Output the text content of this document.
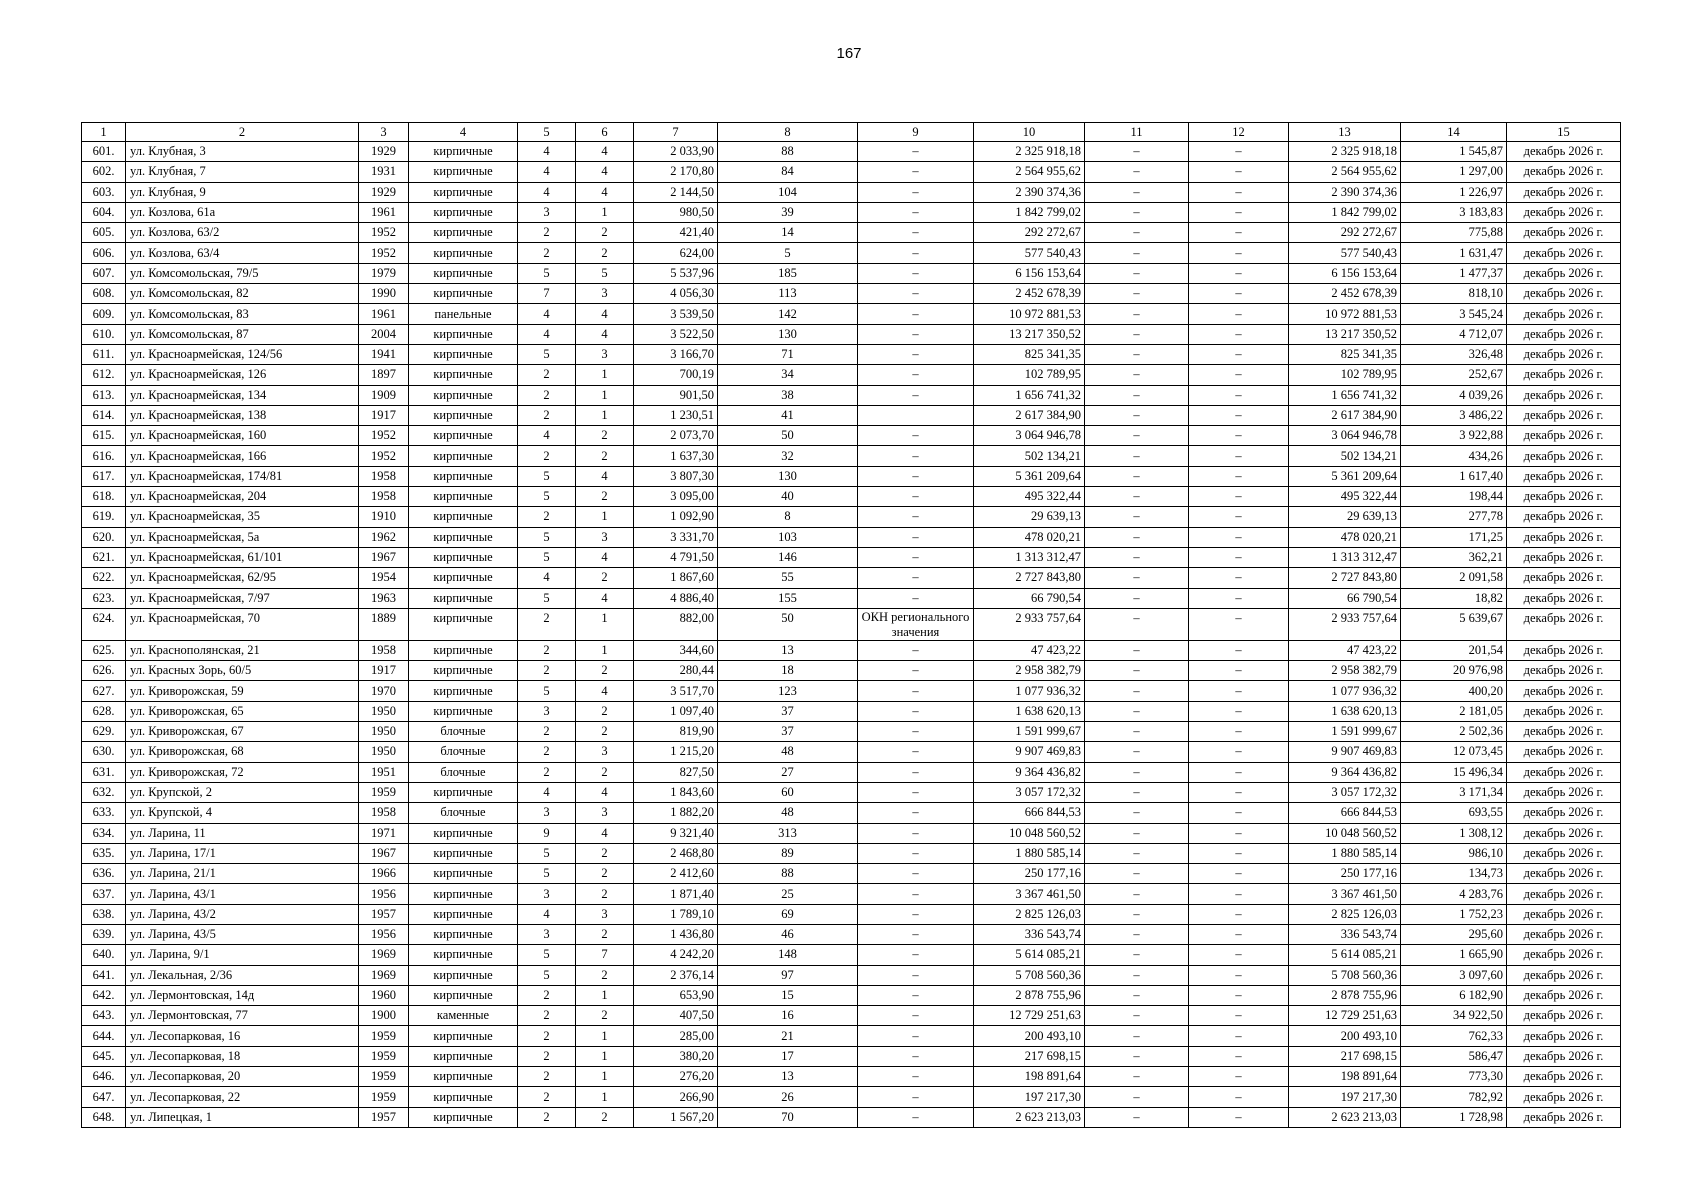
167
1	2	3	4	5	6	7	8	9	10	11	12	13	14	15
601.	ул. Клубная, 3	1929	кирпичные	4	4	2 033,90	88	–	2 325 918,18	–	–	2 325 918,18	1 545,87	декабрь 2026 г.
602.	ул. Клубная, 7	1931	кирпичные	4	4	2 170,80	84	–	2 564 955,62	–	–	2 564 955,62	1 297,00	декабрь 2026 г.
603.	ул. Клубная, 9	1929	кирпичные	4	4	2 144,50	104	–	2 390 374,36	–	–	2 390 374,36	1 226,97	декабрь 2026 г.
604.	ул. Козлова, 61а	1961	кирпичные	3	1	980,50	39	–	1 842 799,02	–	–	1 842 799,02	3 183,83	декабрь 2026 г.
605.	ул. Козлова, 63/2	1952	кирпичные	2	2	421,40	14	–	292 272,67	–	–	292 272,67	775,88	декабрь 2026 г.
606.	ул. Козлова, 63/4	1952	кирпичные	2	2	624,00	5	–	577 540,43	–	–	577 540,43	1 631,47	декабрь 2026 г.
607.	ул. Комсомольская, 79/5	1979	кирпичные	5	5	5 537,96	185	–	6 156 153,64	–	–	6 156 153,64	1 477,37	декабрь 2026 г.
608.	ул. Комсомольская, 82	1990	кирпичные	7	3	4 056,30	113	–	2 452 678,39	–	–	2 452 678,39	818,10	декабрь 2026 г.
609.	ул. Комсомольская, 83	1961	панельные	4	4	3 539,50	142	–	10 972 881,53	–	–	10 972 881,53	3 545,24	декабрь 2026 г.
610.	ул. Комсомольская, 87	2004	кирпичные	4	4	3 522,50	130	–	13 217 350,52	–	–	13 217 350,52	4 712,07	декабрь 2026 г.
611.	ул. Красноармейская, 124/56	1941	кирпичные	5	3	3 166,70	71	–	825 341,35	–	–	825 341,35	326,48	декабрь 2026 г.
612.	ул. Красноармейская, 126	1897	кирпичные	2	1	700,19	34	–	102 789,95	–	–	102 789,95	252,67	декабрь 2026 г.
613.	ул. Красноармейская, 134	1909	кирпичные	2	1	901,50	38	–	1 656 741,32	–	–	1 656 741,32	4 039,26	декабрь 2026 г.
614.	ул. Красноармейская, 138	1917	кирпичные	2	1	1 230,51	41		2 617 384,90	–	–	2 617 384,90	3 486,22	декабрь 2026 г.
615.	ул. Красноармейская, 160	1952	кирпичные	4	2	2 073,70	50	–	3 064 946,78	–	–	3 064 946,78	3 922,88	декабрь 2026 г.
616.	ул. Красноармейская, 166	1952	кирпичные	2	2	1 637,30	32	–	502 134,21	–	–	502 134,21	434,26	декабрь 2026 г.
617.	ул. Красноармейская, 174/81	1958	кирпичные	5	4	3 807,30	130	–	5 361 209,64	–	–	5 361 209,64	1 617,40	декабрь 2026 г.
618.	ул. Красноармейская, 204	1958	кирпичные	5	2	3 095,00	40	–	495 322,44	–	–	495 322,44	198,44	декабрь 2026 г.
619.	ул. Красноармейская, 35	1910	кирпичные	2	1	1 092,90	8	–	29 639,13	–	–	29 639,13	277,78	декабрь 2026 г.
620.	ул. Красноармейская, 5а	1962	кирпичные	5	3	3 331,70	103	–	478 020,21	–	–	478 020,21	171,25	декабрь 2026 г.
621.	ул. Красноармейская, 61/101	1967	кирпичные	5	4	4 791,50	146	–	1 313 312,47	–	–	1 313 312,47	362,21	декабрь 2026 г.
622.	ул. Красноармейская, 62/95	1954	кирпичные	4	2	1 867,60	55	–	2 727 843,80	–	–	2 727 843,80	2 091,58	декабрь 2026 г.
623.	ул. Красноармейская, 7/97	1963	кирпичные	5	4	4 886,40	155	–	66 790,54	–	–	66 790,54	18,82	декабрь 2026 г.
624.	ул. Красноармейская, 70	1889	кирпичные	2	1	882,00	50	ОКН регионального значения	2 933 757,64	–	–	2 933 757,64	5 639,67	декабрь 2026 г.
625.	ул. Краснополянская, 21	1958	кирпичные	2	1	344,60	13	–	47 423,22	–	–	47 423,22	201,54	декабрь 2026 г.
626.	ул. Красных Зорь, 60/5	1917	кирпичные	2	2	280,44	18	–	2 958 382,79	–	–	2 958 382,79	20 976,98	декабрь 2026 г.
627.	ул. Криворожская, 59	1970	кирпичные	5	4	3 517,70	123	–	1 077 936,32	–	–	1 077 936,32	400,20	декабрь 2026 г.
628.	ул. Криворожская, 65	1950	кирпичные	3	2	1 097,40	37	–	1 638 620,13	–	–	1 638 620,13	2 181,05	декабрь 2026 г.
629.	ул. Криворожская, 67	1950	блочные	2	2	819,90	37	–	1 591 999,67	–	–	1 591 999,67	2 502,36	декабрь 2026 г.
630.	ул. Криворожская, 68	1950	блочные	2	3	1 215,20	48	–	9 907 469,83	–	–	9 907 469,83	12 073,45	декабрь 2026 г.
631.	ул. Криворожская, 72	1951	блочные	2	2	827,50	27	–	9 364 436,82	–	–	9 364 436,82	15 496,34	декабрь 2026 г.
632.	ул. Крупской, 2	1959	кирпичные	4	4	1 843,60	60	–	3 057 172,32	–	–	3 057 172,32	3 171,34	декабрь 2026 г.
633.	ул. Крупской, 4	1958	блочные	3	3	1 882,20	48	–	666 844,53	–	–	666 844,53	693,55	декабрь 2026 г.
634.	ул. Ларина, 11	1971	кирпичные	9	4	9 321,40	313	–	10 048 560,52	–	–	10 048 560,52	1 308,12	декабрь 2026 г.
635.	ул. Ларина, 17/1	1967	кирпичные	5	2	2 468,80	89	–	1 880 585,14	–	–	1 880 585,14	986,10	декабрь 2026 г.
636.	ул. Ларина, 21/1	1966	кирпичные	5	2	2 412,60	88	–	250 177,16	–	–	250 177,16	134,73	декабрь 2026 г.
637.	ул. Ларина, 43/1	1956	кирпичные	3	2	1 871,40	25	–	3 367 461,50	–	–	3 367 461,50	4 283,76	декабрь 2026 г.
638.	ул. Ларина, 43/2	1957	кирпичные	4	3	1 789,10	69	–	2 825 126,03	–	–	2 825 126,03	1 752,23	декабрь 2026 г.
639.	ул. Ларина, 43/5	1956	кирпичные	3	2	1 436,80	46	–	336 543,74	–	–	336 543,74	295,60	декабрь 2026 г.
640.	ул. Ларина, 9/1	1969	кирпичные	5	7	4 242,20	148	–	5 614 085,21	–	–	5 614 085,21	1 665,90	декабрь 2026 г.
641.	ул. Лекальная, 2/36	1969	кирпичные	5	2	2 376,14	97	–	5 708 560,36	–	–	5 708 560,36	3 097,60	декабрь 2026 г.
642.	ул. Лермонтовская, 14д	1960	кирпичные	2	1	653,90	15	–	2 878 755,96	–	–	2 878 755,96	6 182,90	декабрь 2026 г.
643.	ул. Лермонтовская, 77	1900	каменные	2	2	407,50	16	–	12 729 251,63	–	–	12 729 251,63	34 922,50	декабрь 2026 г.
644.	ул. Лесопарковая, 16	1959	кирпичные	2	1	285,00	21	–	200 493,10	–	–	200 493,10	762,33	декабрь 2026 г.
645.	ул. Лесопарковая, 18	1959	кирпичные	2	1	380,20	17	–	217 698,15	–	–	217 698,15	586,47	декабрь 2026 г.
646.	ул. Лесопарковая, 20	1959	кирпичные	2	1	276,20	13	–	198 891,64	–	–	198 891,64	773,30	декабрь 2026 г.
647.	ул. Лесопарковая, 22	1959	кирпичные	2	1	266,90	26	–	197 217,30	–	–	197 217,30	782,92	декабрь 2026 г.
648.	ул. Липецкая, 1	1957	кирпичные	2	2	1 567,20	70	–	2 623 213,03	–	–	2 623 213,03	1 728,98	декабрь 2026 г.
